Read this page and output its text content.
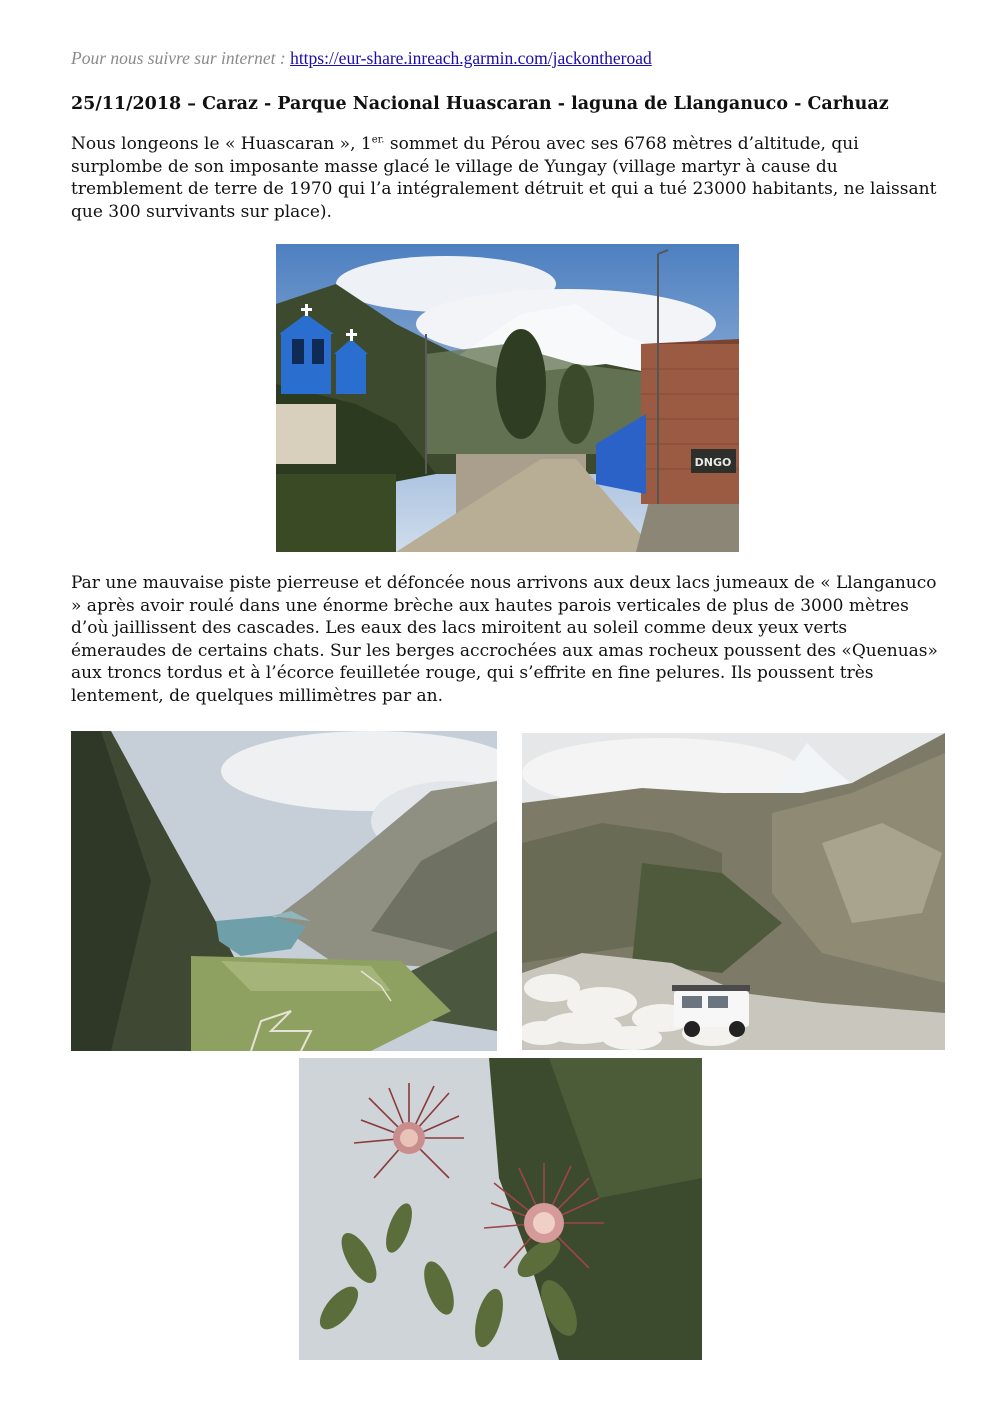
Pour nous suivre sur internet : https://eur-share.inreach.garmin.com/jackontheroad
25/11/2018 – Caraz - Parque Nacional Huascaran - laguna de Llanganuco - Carhuaz
Nous longeons le « Huascaran », $1^{er.}$ sommet du Pérou avec ses 6768 mètres d’altitude, qui surplombe de son imposante masse glacé le village de Yungay (village martyr à cause du tremblement de terre de 1970 qui l’a intégralement détruit et qui a tué 23000 habitants, ne laissant que 300 survivants sur place).
DNGO
Par une mauvaise piste pierreuse et défoncée nous arrivons aux deux lacs jumeaux de « Llanganuco » après avoir roulé dans une énorme brèche aux hautes parois verticales de plus de 3000 mètres d’où jaillissent des cascades. Les eaux des lacs miroitent au soleil comme deux yeux verts émeraudes de certains chats. Sur les berges accrochées aux amas rocheux poussent des «Quenuas» aux troncs tordus et à l’écorce feuilletée rouge, qui s’effrite en fine pelures. Ils poussent très lentement, de quelques millimètres par an.
